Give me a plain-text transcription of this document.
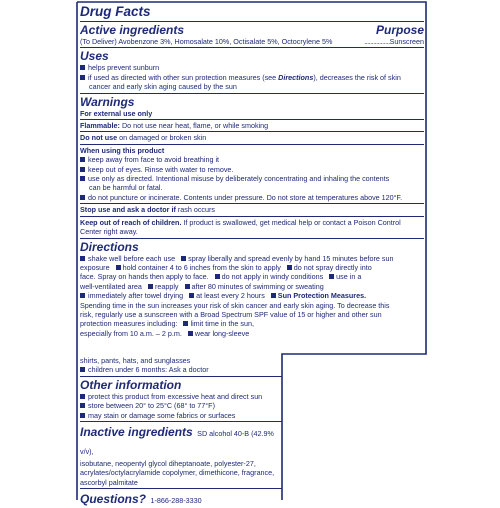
Drug Facts
Active ingredients	Purpose
(To Deliver) Avobenzone 3%, Homosalate 10%, Octisalate 5%, Octocrylene 5%	.................Sunscreen
Uses
helps prevent sunburn
if used as directed with other sun protection measures (see Directions), decreases the risk of skin
cancer and early skin aging caused by the sun
Warnings
For external use only
Flammable: Do not use near heat, flame, or while smoking
Do not use on damaged or broken skin
When using this product
keep away from face to avoid breathing it
keep out of eyes. Rinse with water to remove.
use only as directed. Intentional misuse by deliberately concentrating and inhaling the contents
can be harmful or fatal.
do not puncture or incinerate. Contents under pressure. Do not store at temperatures above 120°F.
Stop use and ask a doctor if rash occurs
Keep out of reach of children. If product is swallowed, get medical help or contact a Poison Control
Center right away.
Directions
shake well before each use spray liberally and spread evenly by hand 15 minutes before sun
exposure hold container 4 to 6 inches from the skin to apply do not spray directly into
face. Spray on hands then apply to face. do not apply in windy conditions use in a
well-ventilated area reapply after 80 minutes of swimming or sweating
immediately after towel drying at least every 2 hours Sun Protection Measures.
Spending time in the sun increases your risk of skin cancer and early skin aging. To decrease this
risk, regularly use a sunscreen with a Broad Spectrum SPF value of 15 or higher and other sun
protection measures including: limit time in the sun,
especially from 10 a.m. – 2 p.m. wear long-sleeve
shirts, pants, hats, and sunglasses
children under 6 months: Ask a doctor
Other information
protect this product from excessive heat and direct sun
store between 20° to 25°C (68° to 77°F)
may stain or damage some fabrics or surfaces
Inactive ingredients SD alcohol 40-B (42.9% v/v),
isobutane, neopentyl glycol diheptanoate, polyester-27,
acrylates/octylacrylamide copolymer, dimethicone, fragrance,
ascorbyl palmitate
Questions? 1-866-288-3330
